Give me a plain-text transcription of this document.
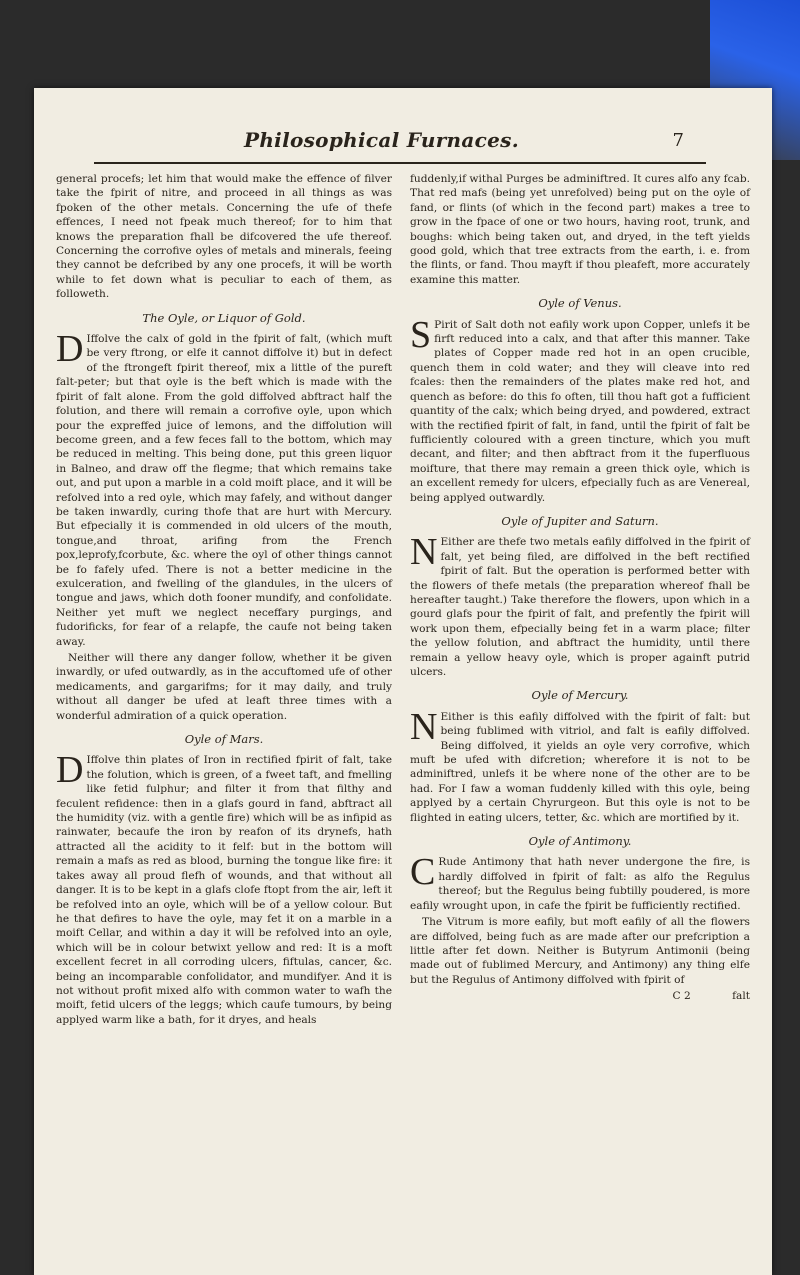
Philosophical Furnaces.	7

general procefs; let him that would make the effence of filver take the fpirit of nitre, and proceed in all things as was fpoken of the other metals. Concerning the ufe of thefe effences, I need not fpeak much thereof; for to him that knows the preparation fhall be difcovered the ufe thereof. Concerning the corrofive oyles of metals and minerals, feeing they cannot be defcribed by any one procefs, it will be worth while to fet down what is peculiar to each of them, as followeth.

The Oyle, or Liquor of Gold.

D Iffolve the calx of gold in the fpirit of falt, (which muft be very ftrong, or elfe it cannot diffolve it) but in defect of the ftrongeft fpirit thereof, mix a little of the pureft falt-peter; but that oyle is the beft which is made with the fpirit of falt alone. From the gold diffolved abftract half the folution, and there will remain a corrofive oyle, upon which pour the expreffed juice of lemons, and the diffolution will become green, and a few feces fall to the bottom, which may be reduced in melting. This being done, put this green liquor in Balneo, and draw off the flegme; that which remains take out, and put upon a marble in a cold moift place, and it will be refolved into a red oyle, which may fafely, and without danger be taken inwardly, curing thofe that are hurt with Mercury. But efpecially it is commended in old ulcers of the mouth, tongue,and throat, arifing from the French pox,leprofy,fcorbute, &c. where the oyl of other things cannot be fo fafely ufed. There is not a better medicine in the exulceration, and fwelling of the glandules, in the ulcers of tongue and jaws, which doth fooner mundify, and confolidate. Neither yet muft we neglect neceffary purgings, and fudorificks, for fear of a relapfe, the caufe not being taken away.

Neither will there any danger follow, whether it be given inwardly, or ufed outwardly, as in the accuftomed ufe of other medicaments, and gargarifms; for it may daily, and truly without all danger be ufed at leaft three times with a wonderful admiration of a quick operation.

Oyle of Mars.

D Iffolve thin plates of Iron in rectified fpirit of falt, take the folution, which is green, of a fweet taft, and fmelling like fetid fulphur; and filter it from that filthy and feculent refidence: then in a glafs gourd in fand, abftract all the humidity (viz. with a gentle fire) which will be as infipid as rainwater, becaufe the iron by reafon of its drynefs, hath attracted all the acidity to it felf: but in the bottom will remain a mafs as red as blood, burning the tongue like fire: it takes away all proud flefh of wounds, and that without all danger. It is to be kept in a glafs clofe ftopt from the air, left it be refolved into an oyle, which will be of a yellow colour. But he that defires to have the oyle, may fet it on a marble in a moift Cellar, and within a day it will be refolved into an oyle, which will be in colour betwixt yellow and red: It is a moft excellent fecret in all corroding ulcers, fiftulas, cancer, &c. being an incomparable confolidator, and mundifyer. And it is not without profit mixed alfo with common water to wafh the moift, fetid ulcers of the leggs; which caufe tumours, by being applyed warm like a bath, for it dryes, and heals

fuddenly,if withal Purges be adminiftred. It cures alfo any fcab. That red mafs (being yet unrefolved) being put on the oyle of fand, or flints (of which in the fecond part) makes a tree to grow in the fpace of one or two hours, having root, trunk, and boughs: which being taken out, and dryed, in the teft yields good gold, which that tree extracts from the earth, i. e. from the flints, or fand. Thou mayft if thou pleafeft, more accurately examine this matter.

Oyle of Venus.

S Pirit of Salt doth not eafily work upon Copper, unlefs it be firft reduced into a calx, and that after this manner. Take plates of Copper made red hot in an open crucible, quench them in cold water; and they will cleave into red fcales: then the remainders of the plates make red hot, and quench as before: do this fo often, till thou haft got a fufficient quantity of the calx; which being dryed, and powdered, extract with the rectified fpirit of falt, in fand, until the fpirit of falt be fufficiently coloured with a green tincture, which you muft decant, and filter; and then abftract from it the fuperfluous moifture, that there may remain a green thick oyle, which is an excellent remedy for ulcers, efpecially fuch as are Venereal, being applyed outwardly.

Oyle of Jupiter and Saturn.

N Either are thefe two metals eafily diffolved in the fpirit of falt, yet being filed, are diffolved in the beft rectified fpirit of falt. But the operation is performed better with the flowers of thefe metals (the preparation whereof fhall be hereafter taught.) Take therefore the flowers, upon which in a gourd glafs pour the fpirit of falt, and prefently the fpirit will work upon them, efpecially being fet in a warm place; filter the yellow folution, and abftract the humidity, until there remain a yellow heavy oyle, which is proper againft putrid ulcers.

Oyle of Mercury.

N Either is this eafily diffolved with the fpirit of falt: but being fublimed with vitriol, and falt is eafily diffolved. Being diffolved, it yields an oyle very corrofive, which muft be ufed with difcretion; wherefore it is not to be adminiftred, unlefs it be where none of the other are to be had. For I faw a woman fuddenly killed with this oyle, being applyed by a certain Chyrurgeon. But this oyle is not to be flighted in eating ulcers, tetter, &c. which are mortified by it.

Oyle of Antimony.

C Rude Antimony that hath never undergone the fire, is hardly diffolved in fpirit of falt: as alfo the Regulus thereof; but the Regulus being fubtilly poudered, is more eafily wrought upon, in cafe the fpirit be fufficiently rectified.

The Vitrum is more eafily, but moft eafily of all the flowers are diffolved, being fuch as are made after our prefcription a little after fet down. Neither is Butyrum Antimonii (being made out of fublimed Mercury, and Antimony) any thing elfe but the Regulus of Antimony diffolved with fpirit of

C 2	falt
